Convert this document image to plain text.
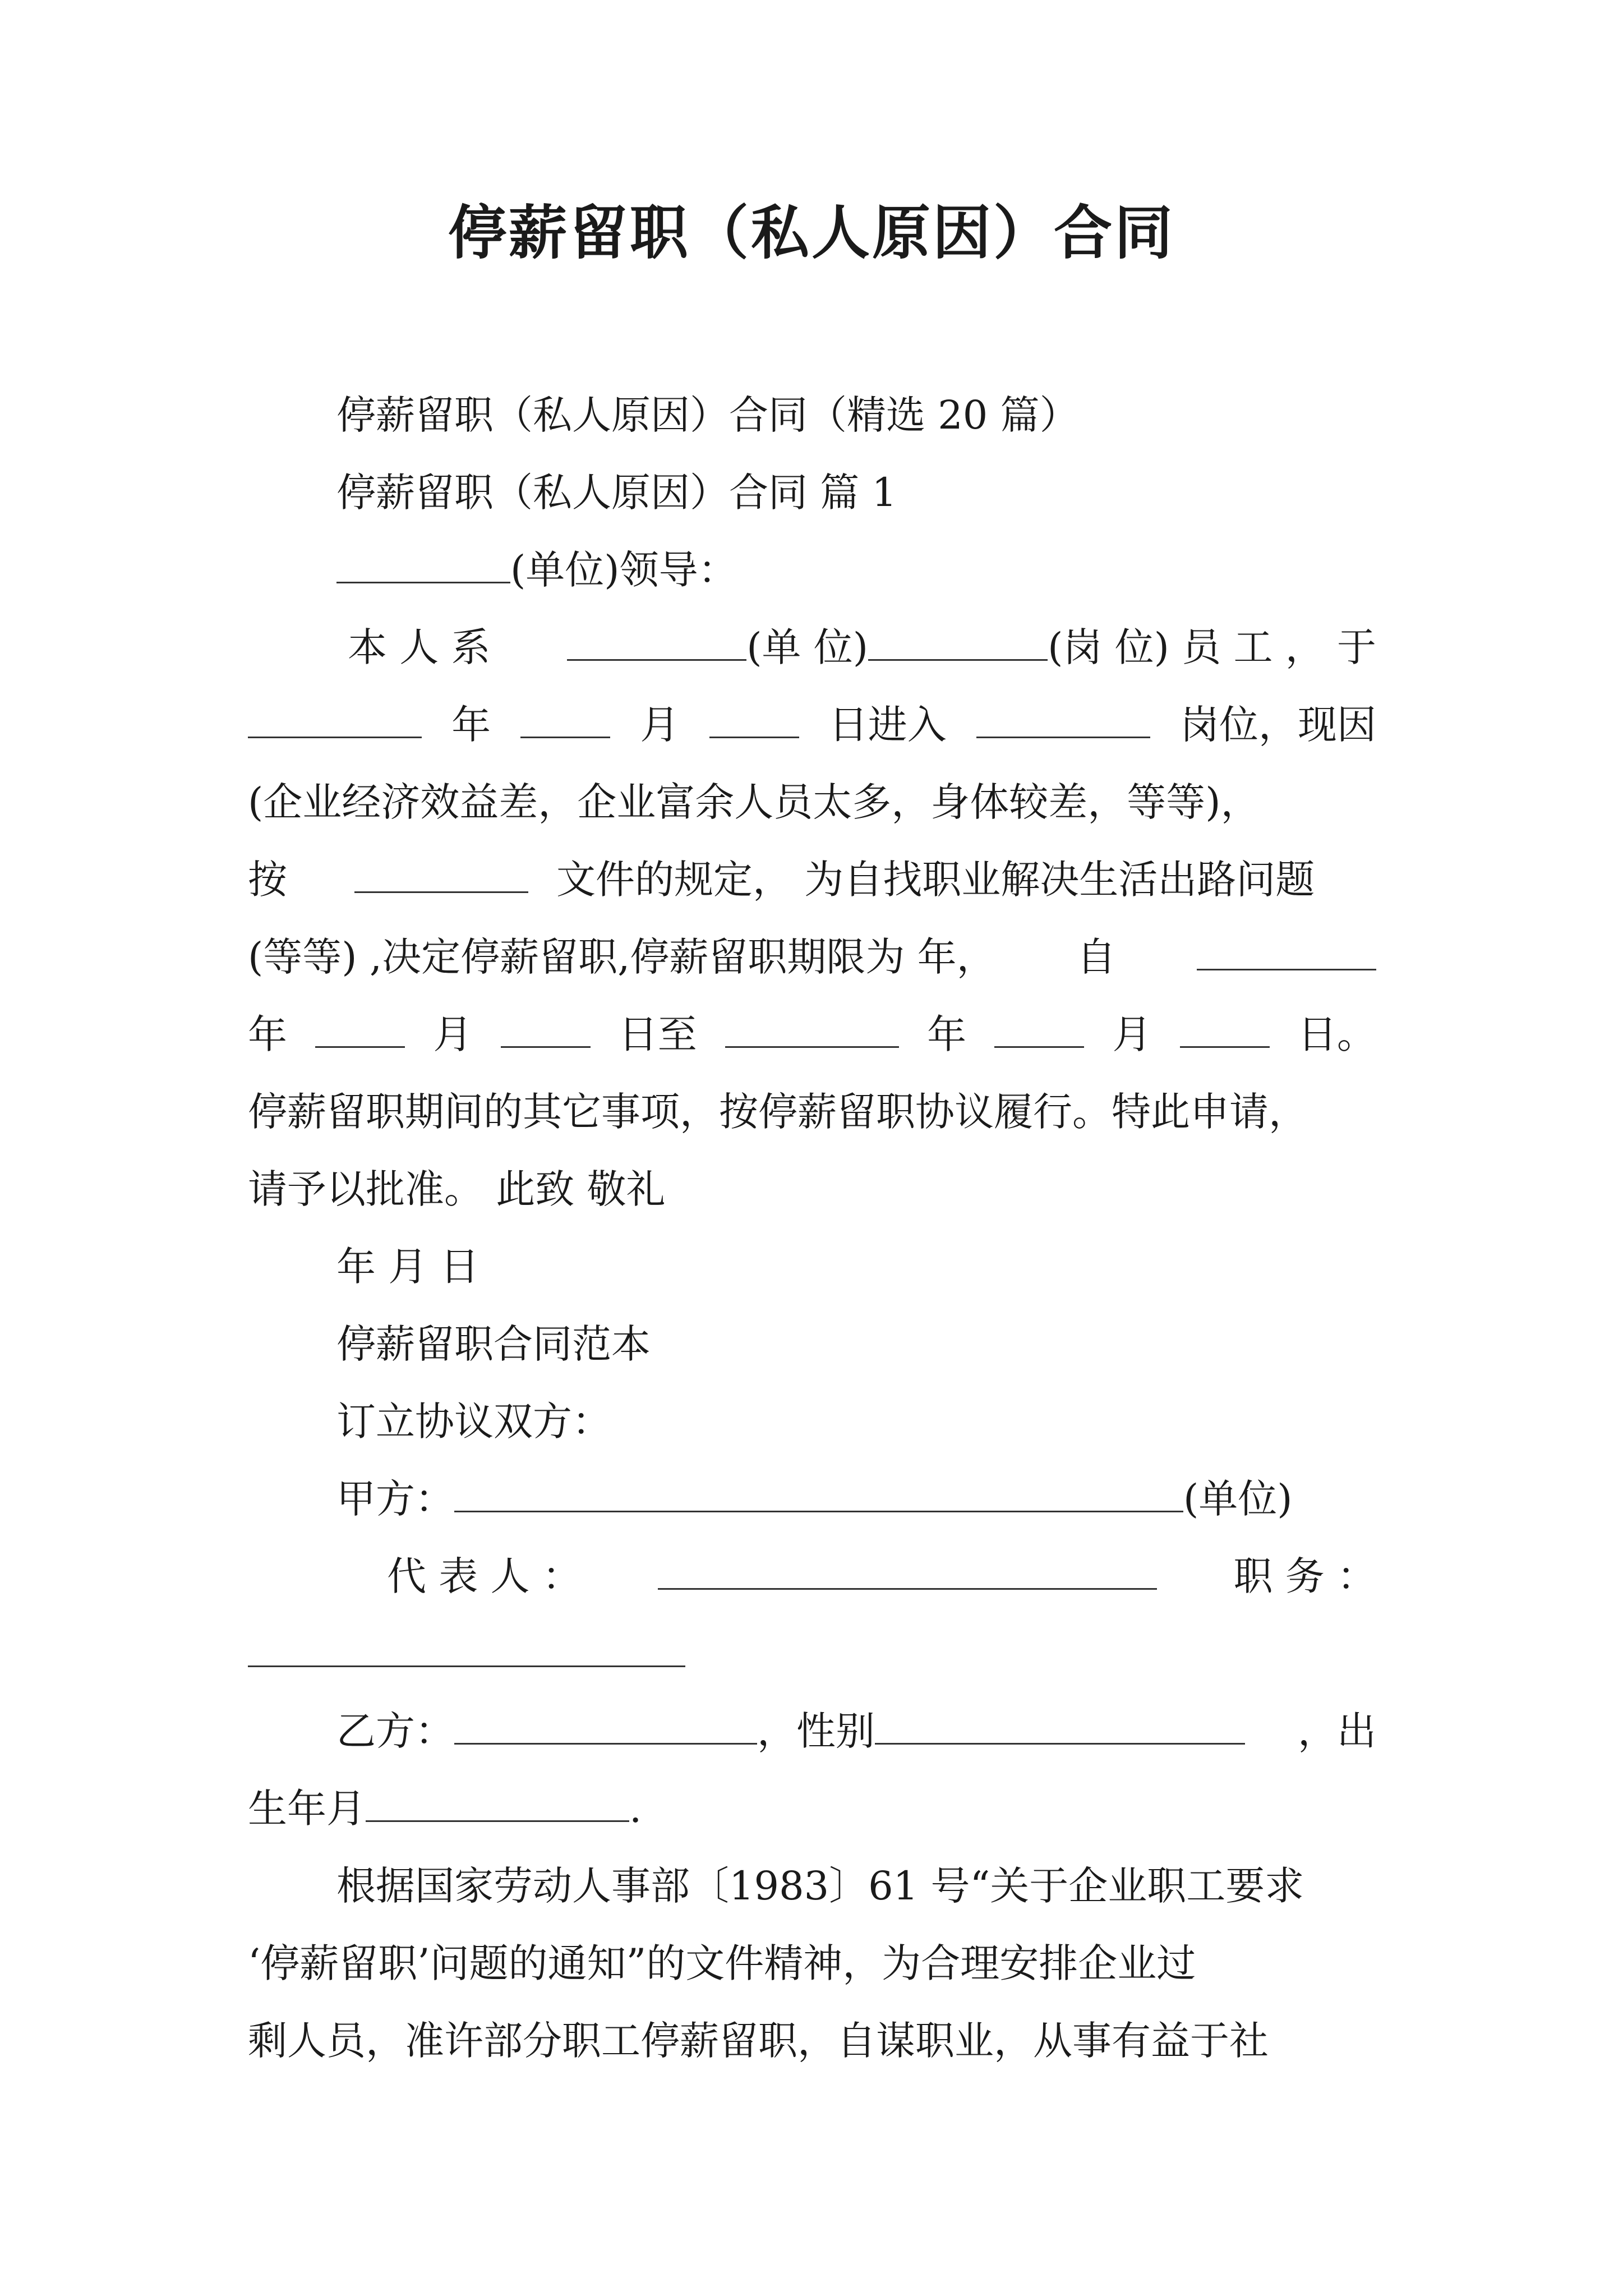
停薪留职（私人原因）合同
停薪留职（私人原因）合同（精选 20 篇）
停薪留职（私人原因）合同 篇 1
(单位)领导：
本 人 系	(单 位)	(岗 位) 员 工 ， 于
年	月	日进入	岗位，现因
(企业经济效益差，企业富余人员太多，身体较差，等等)，
按	文件的规定， 为自找职业解决生活出路问题
(等等) ,决定停薪留职,停薪留职期限为 年， 自
年	月	日至	年	月	日。
停薪留职期间的其它事项，按停薪留职协议履行。特此申请，
请予以批准。 此致 敬礼
年 月 日
停薪留职合同范本
订立协议双方：
甲方：	(单位)
代 表 人 ：	职 务 ：
乙方：	，性别	，出
生年月	.
根据国家劳动人事部〔1983〕61 号“关于企业职工要求
‘停薪留职’问题的通知”的文件精神，为合理安排企业过
剩人员，准许部分职工停薪留职，自谋职业，从事有益于社
